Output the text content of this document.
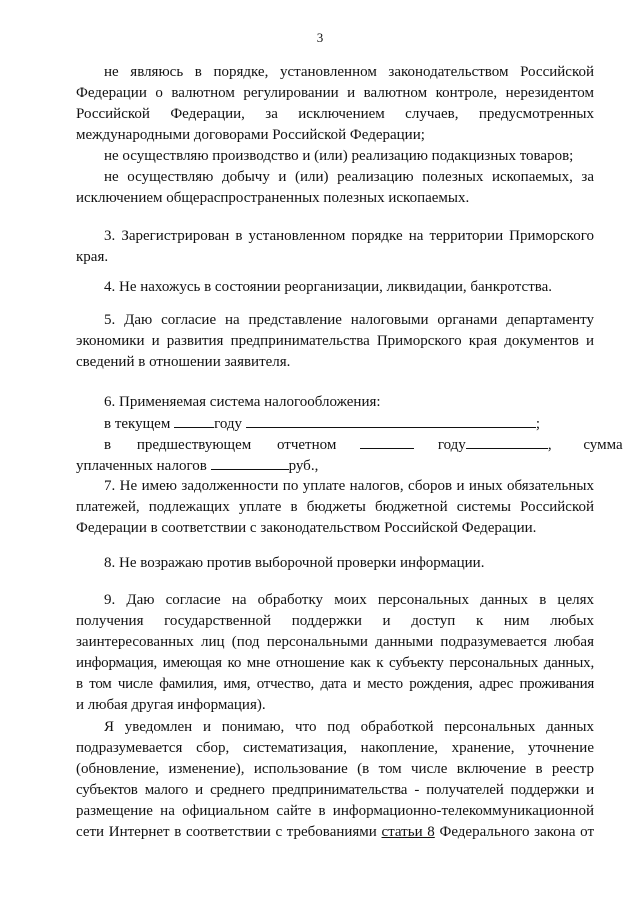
3
не являюсь в порядке, установленном законодательством Российской
Федерации о валютном регулировании и валютном контроле, нерезидентом
Российской Федерации, за исключением случаев, предусмотренных
международными договорами Российской Федерации;
не осуществляю производство и (или) реализацию подакцизных товаров;
не осуществляю добычу и (или) реализацию полезных ископаемых, за
исключением общераспространенных полезных ископаемых.
3. Зарегистрирован в установленном порядке на территории Приморского
края.
4. Не нахожусь в состоянии реорганизации, ликвидации, банкротства.
5. Даю согласие на представление налоговыми органами департаменту
экономики и развития предпринимательства Приморского края документов и
сведений в отношении заявителя.
6. Применяемая система налогообложения:
в текущем	году	;
в предшествующем отчетном	году	, сумма
уплаченных налогов	руб.,
7. Не имею задолженности по уплате налогов, сборов и иных обязательных
платежей, подлежащих уплате в бюджеты бюджетной системы Российской
Федерации в соответствии с законодательством Российской Федерации.
8. Не возражаю против выборочной проверки информации.
9. Даю согласие на обработку моих персональных данных в целях
получения государственной поддержки и доступ к ним любых
заинтересованных лиц (под персональными данными подразумевается любая
информация, имеющая ко мне отношение как к субъекту персональных данных,
в том числе фамилия, имя, отчество, дата и место рождения, адрес проживания
и любая другая информация).
Я уведомлен и понимаю, что под обработкой персональных данных
подразумевается сбор, систематизация, накопление, хранение, уточнение
(обновление, изменение), использование (в том числе включение в реестр
субъектов малого и среднего предпринимательства - получателей поддержки и
размещение на официальном сайте в информационно-телекоммуникационной
сети Интернет в соответствии с требованиями статьи 8 Федерального закона от
